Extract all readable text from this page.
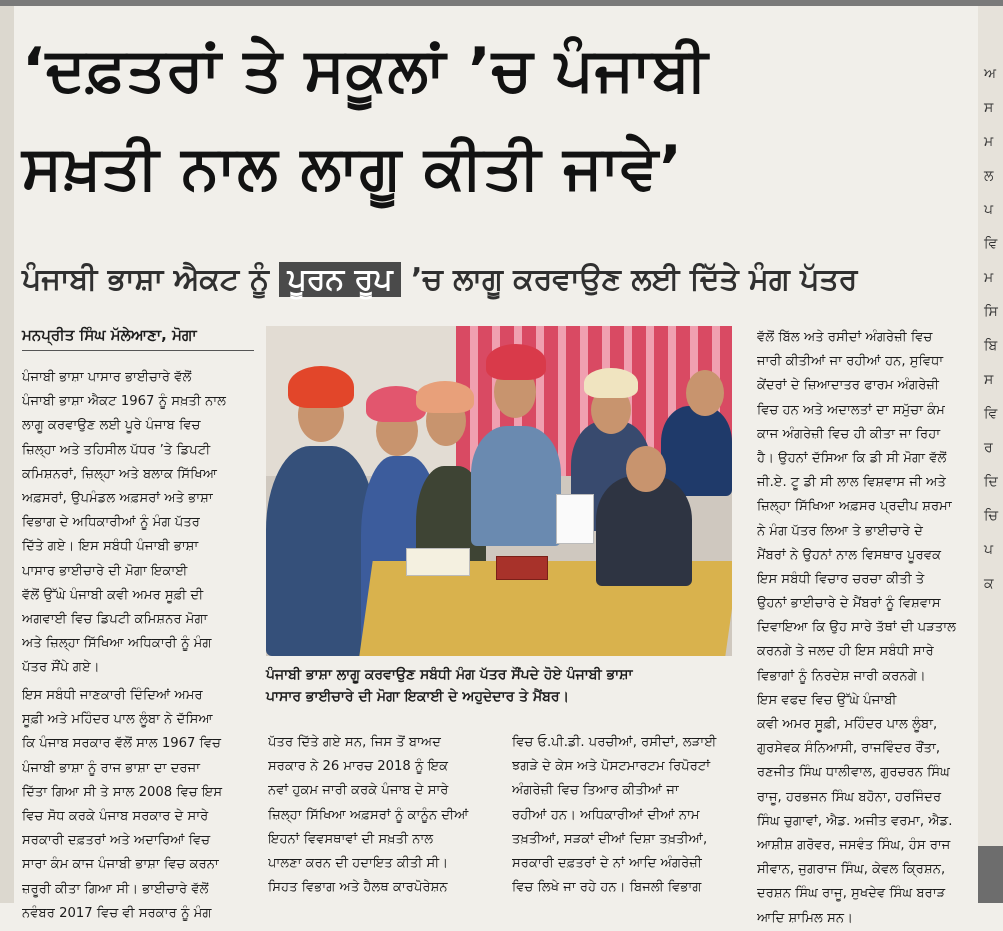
ਅ
ਸ
ਮ
ਲ
ਪ
ਵਿ
ਮ
ਸਿ
ਬਿ
ਸ
ਵਿ
ਰ
ਦਿ
ਚਿ
ਪ
ਕ
‘ਦਫ਼ਤਰਾਂ ਤੇ ਸਕੂਲਾਂ ’ਚ ਪੰਜਾਬੀ
ਸਖ਼ਤੀ ਨਾਲ ਲਾਗੂ ਕੀਤੀ ਜਾਵੇ’
ਪੰਜਾਬੀ ਭਾਸ਼ਾ ਐਕਟ ਨੂੰ ਪੂਰਨ ਰੂਪ ’ਚ ਲਾਗੂ ਕਰਵਾਉਣ ਲਈ ਦਿੱਤੇ ਮੰਗ ਪੱਤਰ
ਮਨਪ੍ਰੀਤ ਸਿੰਘ ਮੱਲੇਆਣਾ, ਮੋਗਾ
ਪੰਜਾਬੀ ਭਾਸ਼ਾ ਪਾਸਾਰ ਭਾਈਚਾਰੇ ਵੱਲੋਂ
ਪੰਜਾਬੀ ਭਾਸ਼ਾ ਐਕਟ 1967 ਨੂੰ ਸਖ਼ਤੀ ਨਾਲ
ਲਾਗੂ ਕਰਵਾਉਣ ਲਈ ਪੂਰੇ ਪੰਜਾਬ ਵਿਚ
ਜ਼ਿਲ੍ਹਾ ਅਤੇ ਤਹਿਸੀਲ ਪੱਧਰ ’ਤੇ ਡਿਪਟੀ
ਕਮਿਸ਼ਨਰਾਂ, ਜ਼ਿਲ੍ਹਾ ਅਤੇ ਬਲਾਕ ਸਿੱਖਿਆ
ਅਫ਼ਸਰਾਂ, ਉਪਮੰਡਲ ਅਫ਼ਸਰਾਂ ਅਤੇ ਭਾਸ਼ਾ
ਵਿਭਾਗ ਦੇ ਅਧਿਕਾਰੀਆਂ ਨੂੰ ਮੰਗ ਪੱਤਰ
ਦਿੱਤੇ ਗਏ। ਇਸ ਸਬੰਧੀ ਪੰਜਾਬੀ ਭਾਸ਼ਾ
ਪਾਸਾਰ ਭਾਈਚਾਰੇ ਦੀ ਮੋਗਾ ਇਕਾਈ
ਵੱਲੋਂ ਉੱਘੇ ਪੰਜਾਬੀ ਕਵੀ ਅਮਰ ਸੂਫ਼ੀ ਦੀ
ਅਗਵਾਈ ਵਿਚ ਡਿਪਟੀ ਕਮਿਸ਼ਨਰ ਮੋਗਾ
ਅਤੇ ਜ਼ਿਲ੍ਹਾ ਸਿੱਖਿਆ ਅਧਿਕਾਰੀ ਨੂੰ ਮੰਗ
ਪੱਤਰ ਸੌਂਪੇ ਗਏ।
ਇਸ ਸਬੰਧੀ ਜਾਣਕਾਰੀ ਦਿੰਦਿਆਂ ਅਮਰ
ਸੂਫ਼ੀ ਅਤੇ ਮਹਿੰਦਰ ਪਾਲ ਲੂੰਬਾ ਨੇ ਦੱਸਿਆ
ਕਿ ਪੰਜਾਬ ਸਰਕਾਰ ਵੱਲੋਂ ਸਾਲ 1967 ਵਿਚ
ਪੰਜਾਬੀ ਭਾਸ਼ਾ ਨੂੰ ਰਾਜ ਭਾਸ਼ਾ ਦਾ ਦਰਜਾ
ਦਿੱਤਾ ਗਿਆ ਸੀ ਤੇ ਸਾਲ 2008 ਵਿਚ ਇਸ
ਵਿਚ ਸੋਧ ਕਰਕੇ ਪੰਜਾਬ ਸਰਕਾਰ ਦੇ ਸਾਰੇ
ਸਰਕਾਰੀ ਦਫ਼ਤਰਾਂ ਅਤੇ ਅਦਾਰਿਆਂ ਵਿਚ
ਸਾਰਾ ਕੰਮ ਕਾਜ ਪੰਜਾਬੀ ਭਾਸ਼ਾ ਵਿਚ ਕਰਨਾ
ਜ਼ਰੂਰੀ ਕੀਤਾ ਗਿਆ ਸੀ। ਭਾਈਚਾਰੇ ਵੱਲੋਂ
ਨਵੰਬਰ 2017 ਵਿਚ ਵੀ ਸਰਕਾਰ ਨੂੰ ਮੰਗ
ਪੱਤਰ ਦਿੱਤੇ ਗਏ ਸਨ, ਜਿਸ ਤੋਂ ਬਾਅਦ
ਸਰਕਾਰ ਨੇ 26 ਮਾਰਚ 2018 ਨੂੰ ਇਕ
ਨਵਾਂ ਹੁਕਮ ਜਾਰੀ ਕਰਕੇ ਪੰਜਾਬ ਦੇ ਸਾਰੇ
ਜ਼ਿਲ੍ਹਾ ਸਿੱਖਿਆ ਅਫ਼ਸਰਾਂ ਨੂੰ ਕਾਨੂੰਨ ਦੀਆਂ
ਇਹਨਾਂ ਵਿਵਸਥਾਵਾਂ ਦੀ ਸਖ਼ਤੀ ਨਾਲ
ਪਾਲਣਾ ਕਰਨ ਦੀ ਹਦਾਇਤ ਕੀਤੀ ਸੀ।
ਸਿਹਤ ਵਿਭਾਗ ਅਤੇ ਹੈਲਥ ਕਾਰਪੋਰੇਸ਼ਨ
ਵਿਚ ਓ.ਪੀ.ਡੀ. ਪਰਚੀਆਂ, ਰਸੀਦਾਂ, ਲੜਾਈ
ਝਗੜੇ ਦੇ ਕੇਸ ਅਤੇ ਪੋਸਟਮਾਰਟਮ ਰਿਪੋਰਟਾਂ
ਅੰਗਰੇਜ਼ੀ ਵਿਚ ਤਿਆਰ ਕੀਤੀਆਂ ਜਾ
ਰਹੀਆਂ ਹਨ। ਅਧਿਕਾਰੀਆਂ ਦੀਆਂ ਨਾਮ
ਤਖ਼ਤੀਆਂ, ਸੜਕਾਂ ਦੀਆਂ ਦਿਸ਼ਾ ਤਖ਼ਤੀਆਂ,
ਸਰਕਾਰੀ ਦਫ਼ਤਰਾਂ ਦੇ ਨਾਂ ਆਦਿ ਅੰਗਰੇਜ਼ੀ
ਵਿਚ ਲਿਖੇ ਜਾ ਰਹੇ ਹਨ। ਬਿਜਲੀ ਵਿਭਾਗ
ਵੱਲੋਂ ਬਿੱਲ ਅਤੇ ਰਸੀਦਾਂ ਅੰਗਰੇਜ਼ੀ ਵਿਚ
ਜਾਰੀ ਕੀਤੀਆਂ ਜਾ ਰਹੀਆਂ ਹਨ, ਸੁਵਿਧਾ
ਕੇਂਦਰਾਂ ਦੇ ਜ਼ਿਆਦਾਤਰ ਫਾਰਮ ਅੰਗਰੇਜ਼ੀ
ਵਿਚ ਹਨ ਅਤੇ ਅਦਾਲਤਾਂ ਦਾ ਸਮੁੱਚਾ ਕੰਮ
ਕਾਜ ਅੰਗਰੇਜ਼ੀ ਵਿਚ ਹੀ ਕੀਤਾ ਜਾ ਰਿਹਾ
ਹੈ। ਉਹਨਾਂ ਦੱਸਿਆ ਕਿ ਡੀ ਸੀ ਮੋਗਾ ਵੱਲੋਂ
ਜੀ.ਏ. ਟੂ ਡੀ ਸੀ ਲਾਲ ਵਿਸ਼ਵਾਸ ਜੀ ਅਤੇ
ਜ਼ਿਲ੍ਹਾ ਸਿੱਖਿਆ ਅਫ਼ਸਰ ਪ੍ਰਦੀਪ ਸ਼ਰਮਾ
ਨੇ ਮੰਗ ਪੱਤਰ ਲਿਆ ਤੇ ਭਾਈਚਾਰੇ ਦੇ
ਮੈਂਬਰਾਂ ਨੇ ਉਹਨਾਂ ਨਾਲ ਵਿਸਥਾਰ ਪੂਰਵਕ
ਇਸ ਸਬੰਧੀ ਵਿਚਾਰ ਚਰਚਾ ਕੀਤੀ ਤੇ
ਉਹਨਾਂ ਭਾਈਚਾਰੇ ਦੇ ਮੈਂਬਰਾਂ ਨੂੰ ਵਿਸ਼ਵਾਸ
ਦਿਵਾਇਆ ਕਿ ਉਹ ਸਾਰੇ ਤੱਥਾਂ ਦੀ ਪੜਤਾਲ
ਕਰਨਗੇ ਤੇ ਜਲਦ ਹੀ ਇਸ ਸਬੰਧੀ ਸਾਰੇ
ਵਿਭਾਗਾਂ ਨੂੰ ਨਿਰਦੇਸ਼ ਜਾਰੀ ਕਰਨਗੇ।
ਇਸ ਵਫਦ ਵਿਚ ਉੱਘੇ ਪੰਜਾਬੀ
ਕਵੀ ਅਮਰ ਸੂਫ਼ੀ, ਮਹਿੰਦਰ ਪਾਲ ਲੂੰਬਾ,
ਗੁਰਸੇਵਕ ਸੰਨਿਆਸੀ, ਰਾਜਵਿੰਦਰ ਰੌਂਤਾ,
ਰਣਜੀਤ ਸਿੰਘ ਧਾਲੀਵਾਲ, ਗੁਰਚਰਨ ਸਿੰਘ
ਰਾਜੂ, ਹਰਭਜਨ ਸਿੰਘ ਬਹੋਨਾ, ਹਰਜਿੰਦਰ
ਸਿੰਘ ਚੁਗਾਵਾਂ, ਐਡ. ਅਜੀਤ ਵਰਮਾ, ਐਡ.
ਆਸ਼ੀਸ਼ ਗਰੋਵਰ, ਜਸਵੰਤ ਸਿੰਘ, ਹੰਸ ਰਾਜ
ਸੀਵਾਨ, ਜੁਗਰਾਜ ਸਿੰਘ, ਕੇਵਲ ਕ੍ਰਿਸ਼ਨ,
ਦਰਸ਼ਨ ਸਿੰਘ ਰਾਜੂ, ਸੁਖਦੇਵ ਸਿੰਘ ਬਰਾੜ
ਆਦਿ ਸ਼ਾਮਿਲ ਸਨ।
ਪੰਜਾਬੀ ਭਾਸ਼ਾ ਲਾਗੂ ਕਰਵਾਉਣ ਸਬੰਧੀ ਮੰਗ ਪੱਤਰ ਸੌਂਪਦੇ ਹੋਏ ਪੰਜਾਬੀ ਭਾਸ਼ਾ
ਪਾਸਾਰ ਭਾਈਚਾਰੇ ਦੀ ਮੋਗਾ ਇਕਾਈ ਦੇ ਅਹੁਦੇਦਾਰ ਤੇ ਮੈਂਬਰ।
